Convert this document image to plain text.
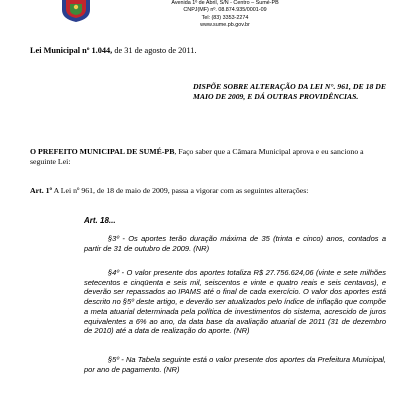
Avenida 1º de Abril, S/N - Centro – Sumé-PB
CNPJ(MF) nº. 08.874.935/0001-09
Tel: (83) 3353-2274
www.sume.pb.gov.br
Lei Municipal nº 1.044, de 31 de agosto de 2011.
DISPÕE SOBRE ALTERAÇÃO DA LEI N°. 961, DE 18 DE MAIO DE 2009, E DÁ OUTRAS PROVIDÊNCIAS.
O PREFEITO MUNICIPAL DE SUMÉ-PB, Faço saber que a Câmara Municipal aprova e eu sanciono a seguinte Lei:
Art. 1º A Lei nº 961, de 18 de maio de 2009, passa a vigorar com as seguintes alterações:
Art. 18...
§3º - Os aportes terão duração máxima de 35 (trinta e cinco) anos, contados a partir de 31 de outubro de 2009. (NR)
§4º - O valor presente dos aportes totaliza R$ 27.756.624,06 (vinte e sete milhões setecentos e cinqüenta e seis mil, seiscentos e vinte e quatro reais e seis centavos), e deverão ser repassados ao IPAMS até o final de cada exercício. O valor dos aportes está descrito no §5º deste artigo, e deverão ser atualizados pelo índice de inflação que compõe a meta atuarial determinada pela política de investimentos do sistema, acrescido de juros equivalentes a 6% ao ano, da data base da avaliação atuarial de 2011 (31 de dezembro de 2010) até a data de realização do aporte. (NR)
§5º - Na Tabela seguinte está o valor presente dos aportes da Prefeitura Municipal, por ano de pagamento. (NR)
